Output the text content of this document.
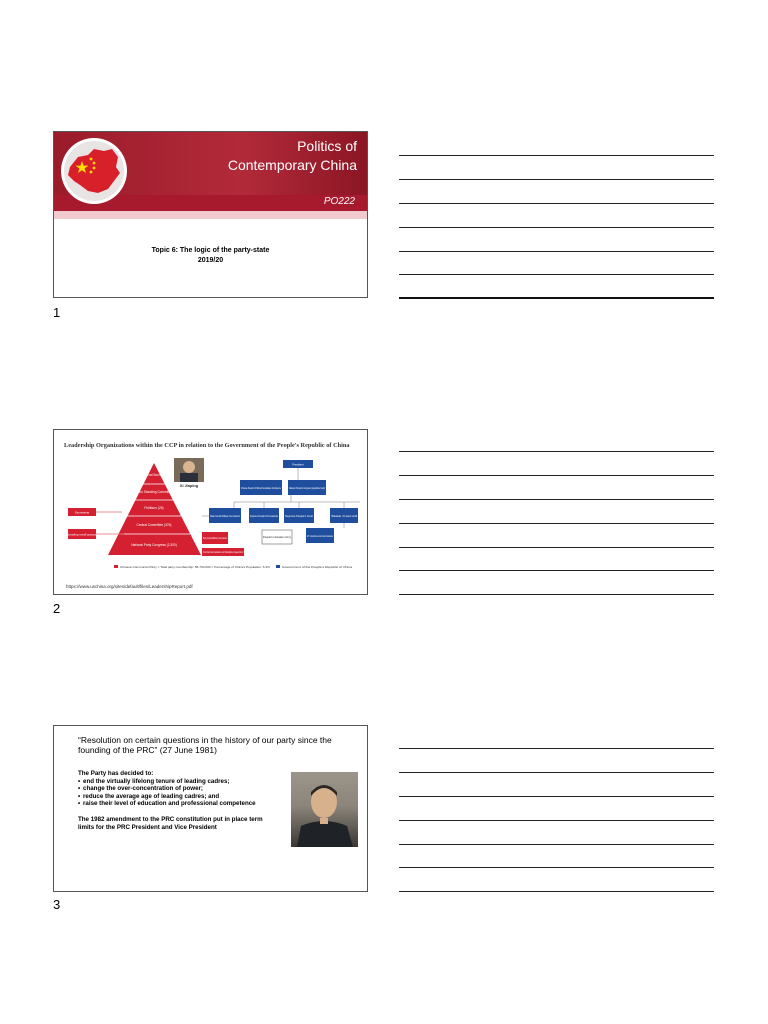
Politics of
Contemporary China
PO222
Topic 6: The logic of the party-state
2019/20
1
Leadership Organizations within the CCP in relation to the Government of the People's Republic of China
General Secretary
Politburo Standing Committee (7)
Politburo (25)
Central Committee (376)
National Party Congress (2,300)
Secretariat
Leading small groups
Xi Jinping
Party Central Military Commission
Central Commission on Discipline Inspection
President
Chinese People's Political Consultative Conference
National People's Congress (legislative body)
State Central Military Commission Supreme People's Procuratorate
Supreme People's Court	State Council
27 ministries and commissions
People's Liberation Army
Chinese Communist Party = Total party membership: 86,700,000 = Percentage of China's Population: 6.3%	Government of the People's Republic of China
https://www.uschina.org/sites/default/files/LeadershipReport.pdf
2
“Resolution on certain questions in the history of our party since the founding of the PRC” (27 June 1981)
The Party has decided to:
• end the virtually lifelong tenure of leading cadres;
• change the over-concentration of power;
• reduce the average age of leading cadres; and
• raise their level of education and professional competence
The 1982 amendment to the PRC constitution put in place term limits for the PRC President and Vice President
3
